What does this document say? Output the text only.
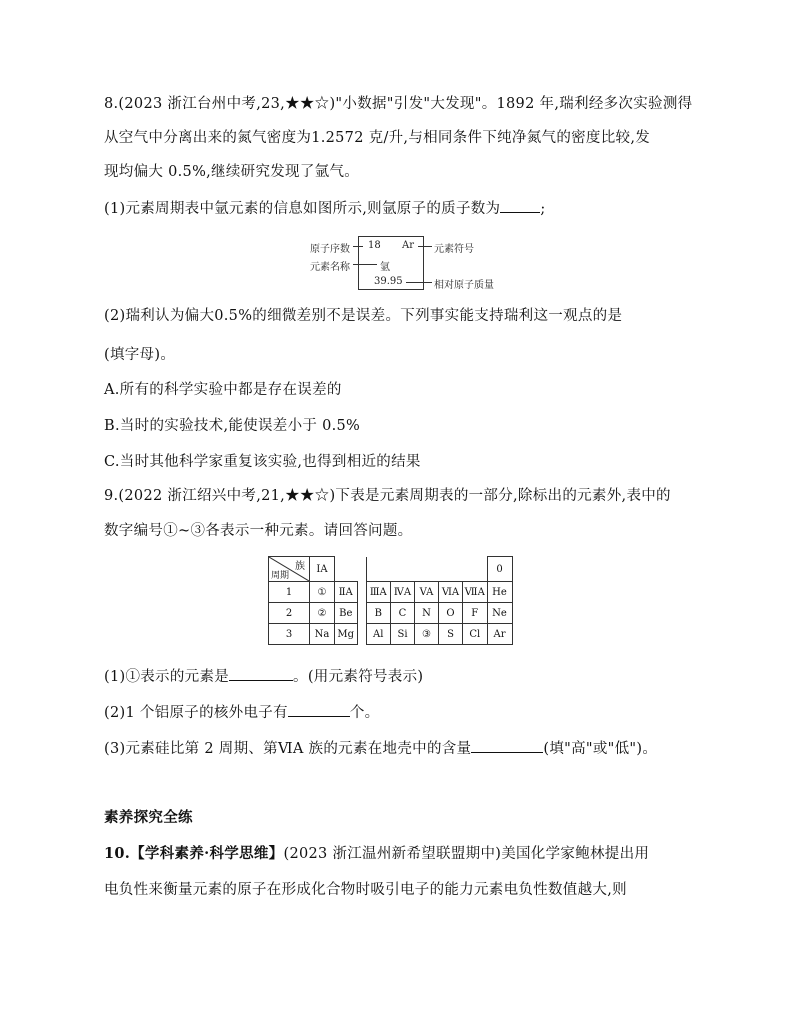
8.(2023 浙江台州中考,23,★★☆)"小数据"引发"大发现"。1892 年,瑞利经多次实验测得
从空气中分离出来的氮气密度为1.2572 克/升,与相同条件下纯净氮气的密度比较,发
现均偏大 0.5%,继续研究发现了氩气。
(1)元素周期表中氩元素的信息如图所示,则氩原子的质子数为	;
原子序数
元素名称
18 Ar
氩
39.95
元素符号
相对原子质量
(2)瑞利认为偏大0.5%的细微差别不是误差。下列事实能支持瑞利这一观点的是
(填字母)。
A.所有的科学实验中都是存在误差的
B.当时的实验技术,能使误差小于 0.5%
C.当时其他科学家重复该实验,也得到相近的结果
9.(2022 浙江绍兴中考,21,★★☆)下表是元素周期表的一部分,除标出的元素外,表中的
数字编号①~③各表示一种元素。请回答问题。
族
周期	IA								0
1	①	ⅡA		ⅢA	ⅣA	VA	ⅥA	ⅦA	He
2	②	Be		B	C	N	O	F	Ne
3	Na	Mg		Al	Si	③	S	Cl	Ar
(1)①表示的元素是	。(用元素符号表示)
(2)1 个铝原子的核外电子有	个。
(3)元素硅比第 2 周期、第ⅥA 族的元素在地壳中的含量	(填"高"或"低")。
素养探究全练
10.【学科素养·科学思维】(2023 浙江温州新希望联盟期中)美国化学家鲍林提出用
电负性来衡量元素的原子在形成化合物时吸引电子的能力元素电负性数值越大,则
